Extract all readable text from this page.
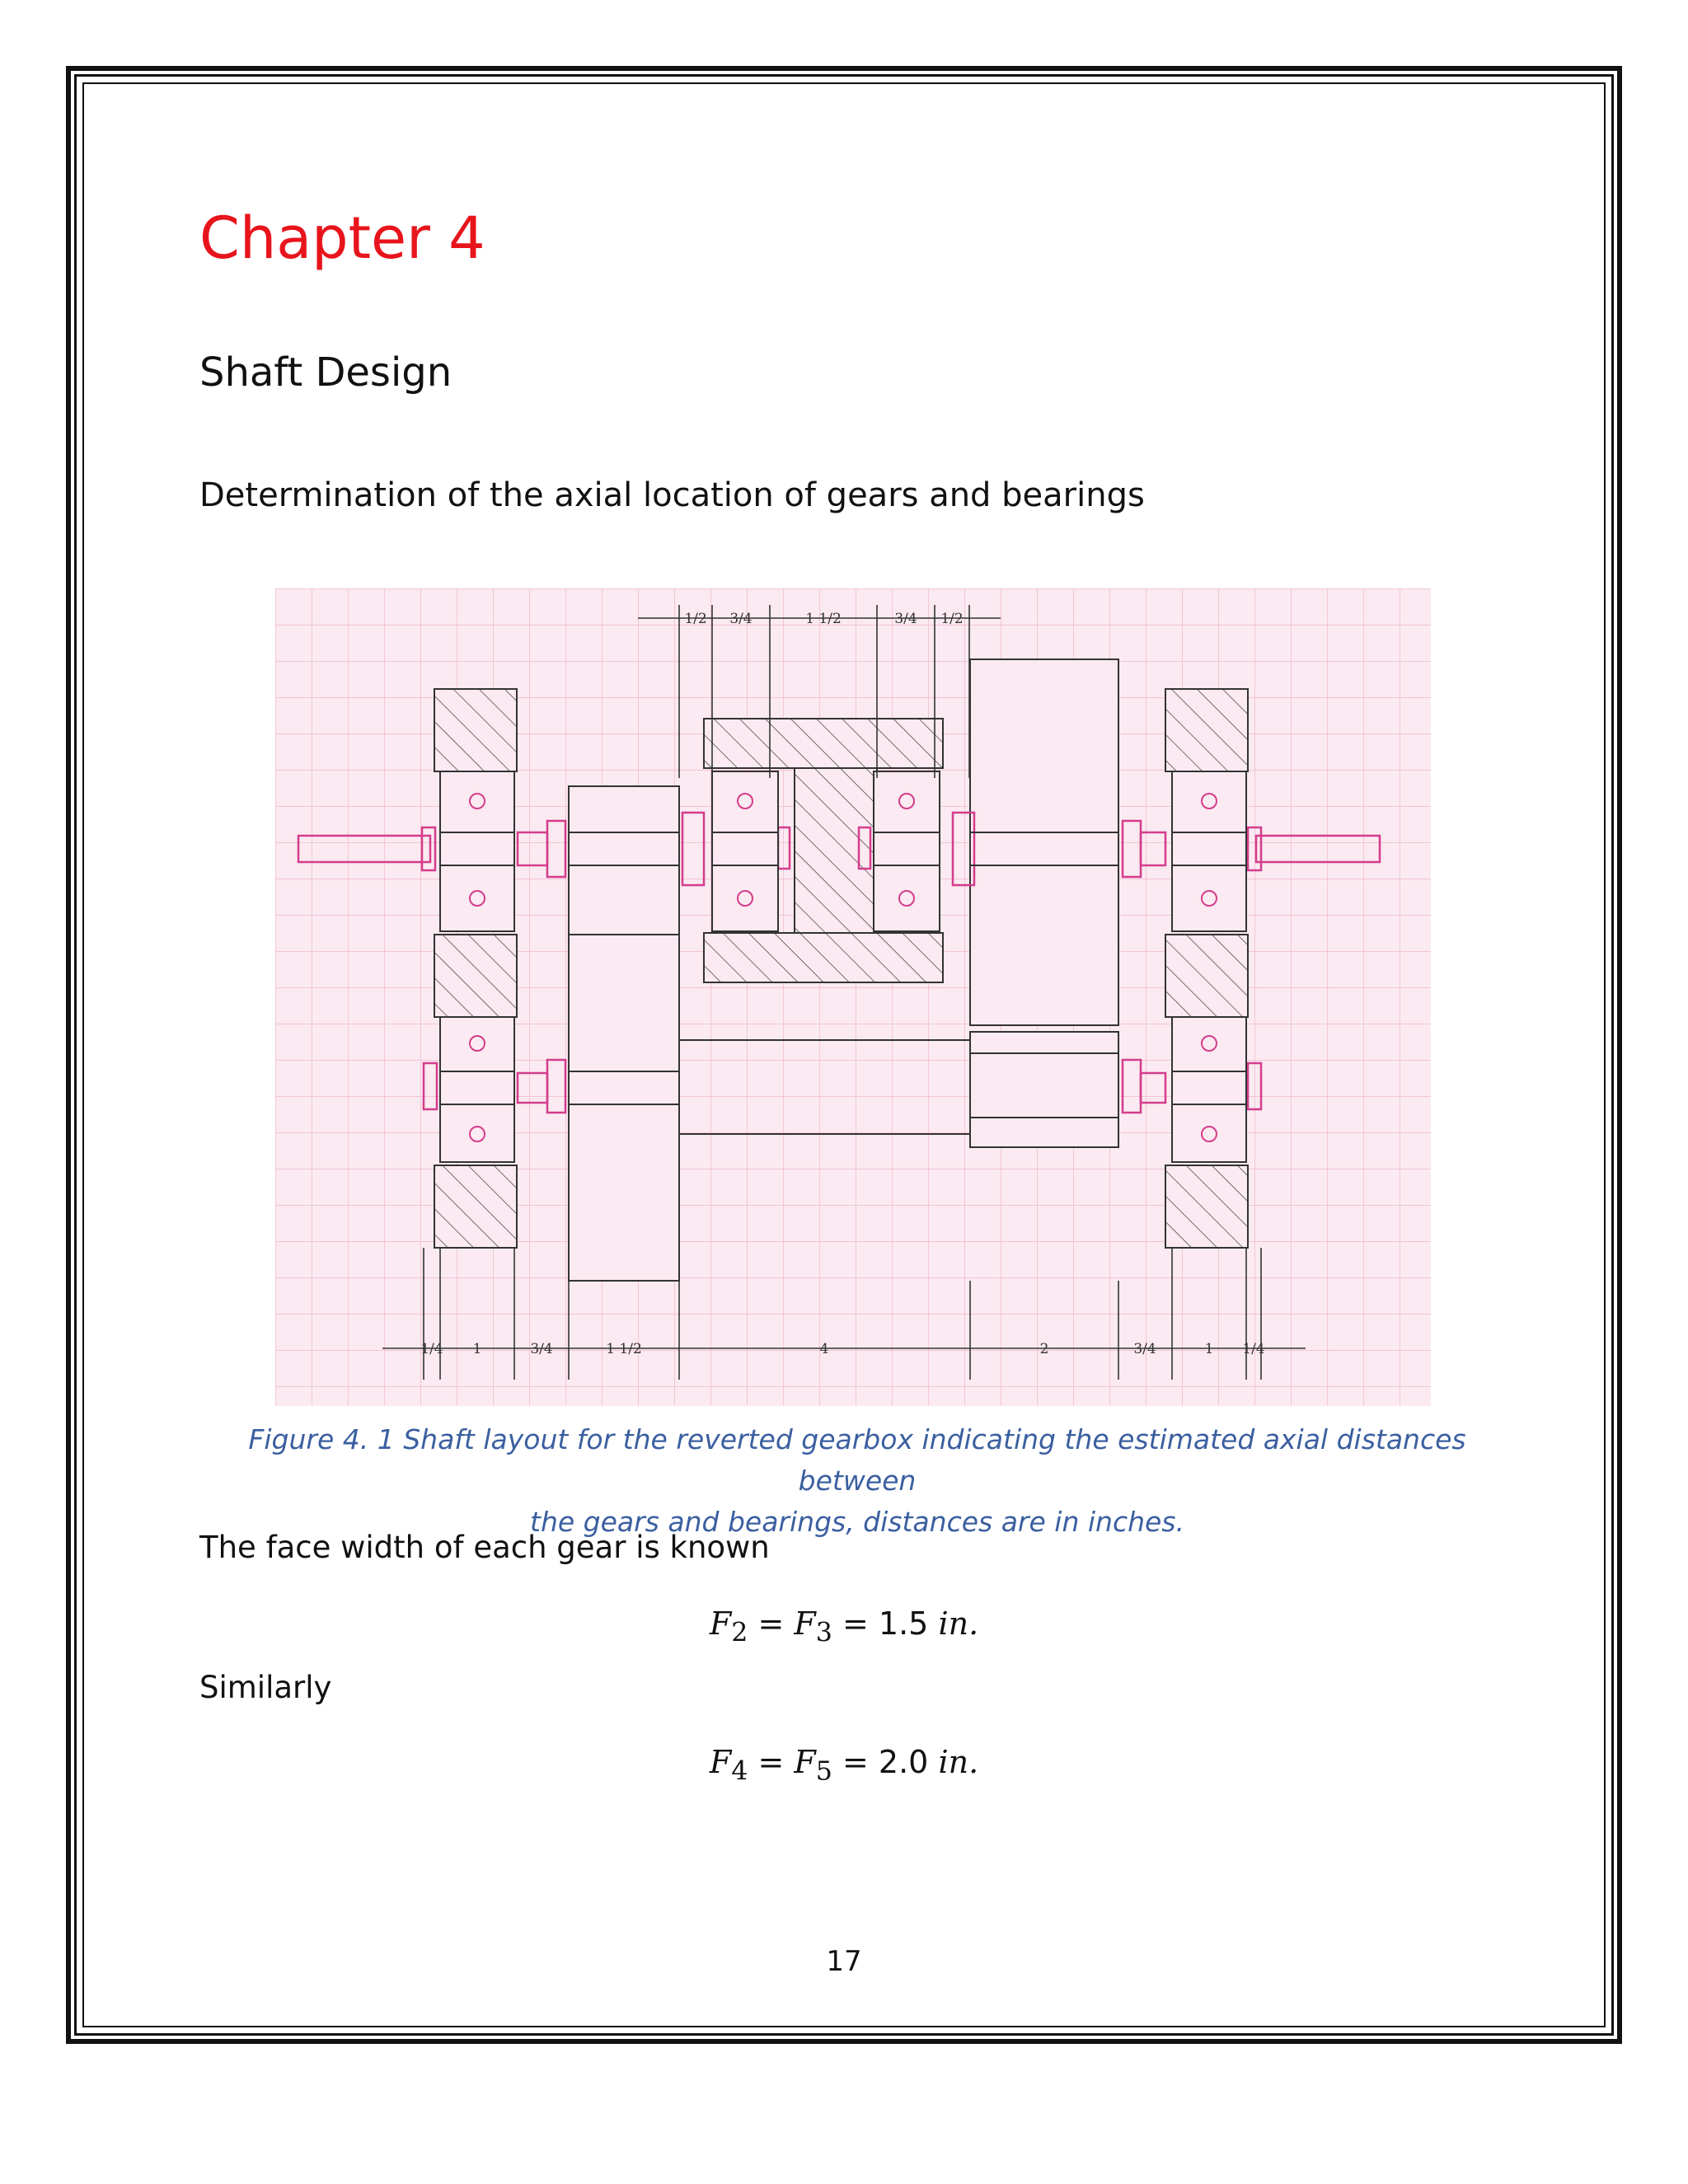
Chapter 4
Shaft Design
Determination of the axial location of gears and bearings
1/2 3/4	1 1/2	3/4 1/2
1/4 1	3/4	1 1/2	4	2	3/4	1 1/4
Figure 4. 1 Shaft layout for the reverted gearbox indicating the estimated axial distances between
the gears and bearings, distances are in inches.
The face width of each gear is known
$F_2 = F_3 = 1.5$ in.
Similarly
$F_4 = F_5 = 2.0$ in.
17
